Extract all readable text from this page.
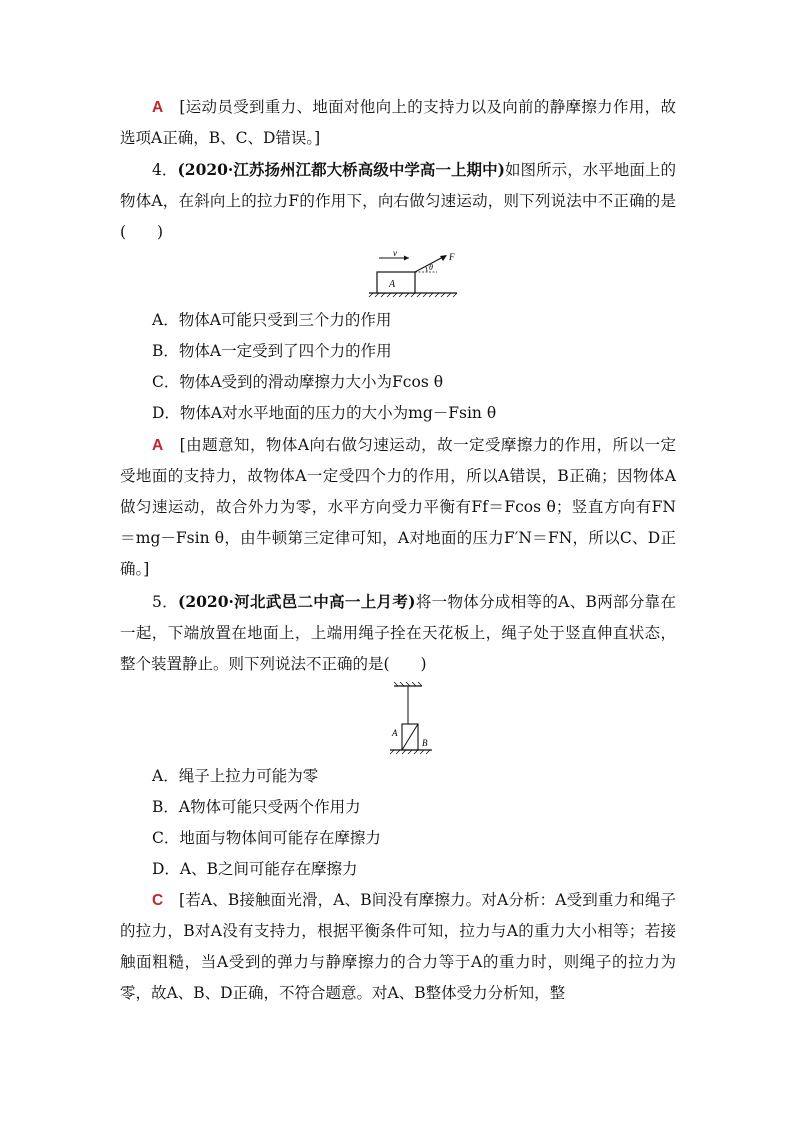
A　 [运动员受到重力、地面对他向上的支持力以及向前的静摩擦力作用，故选项A正确，B、C、D错误。]
4．(2020·江苏扬州江都大桥高级中学高一上期中)如图所示，水平地面上的物体A，在斜向上的拉力F的作用下，向右做匀速运动，则下列说法中不正确的是(　　)
A
v	F
θ

A．物体A可能只受到三个力的作用

B．物体A一定受到了四个力的作用

C．物体A受到的滑动摩擦力大小为Fcos θ

D．物体A对水平地面的压力的大小为mg－Fsin θ

A　 [由题意知，物体A向右做匀速运动，故一定受摩擦力的作用，所以一定受地面的支持力，故物体A一定受四个力的作用，所以A错误，B正确；因物体A做匀速运动，故合外力为零，水平方向受力平衡有Ff＝Fcos θ；竖直方向有FN＝mg－Fsin θ，由牛顿第三定律可知，A对地面的压力F′N＝FN，所以C、D正确。]
5．(2020·河北武邑二中高一上月考)将一物体分成相等的A、B两部分靠在一起，下端放置在地面上，上端用绳子拴在天花板上，绳子处于竖直伸直状态，整个装置静止。则下列说法不正确的是(　　)
A
B

A．绳子上拉力可能为零

B．A物体可能只受两个作用力

C．地面与物体间可能存在摩擦力

D．A、B之间可能存在摩擦力

C　 [若A、B接触面光滑，A、B间没有摩擦力。对A分析：A受到重力和绳子的拉力，B对A没有支持力，根据平衡条件可知，拉力与A的重力大小相等；若接触面粗糙，当A受到的弹力与静摩擦力的合力等于A的重力时，则绳子的拉力为零，故A、B、D正确，不符合题意。对A、B整体受力分析知，整
